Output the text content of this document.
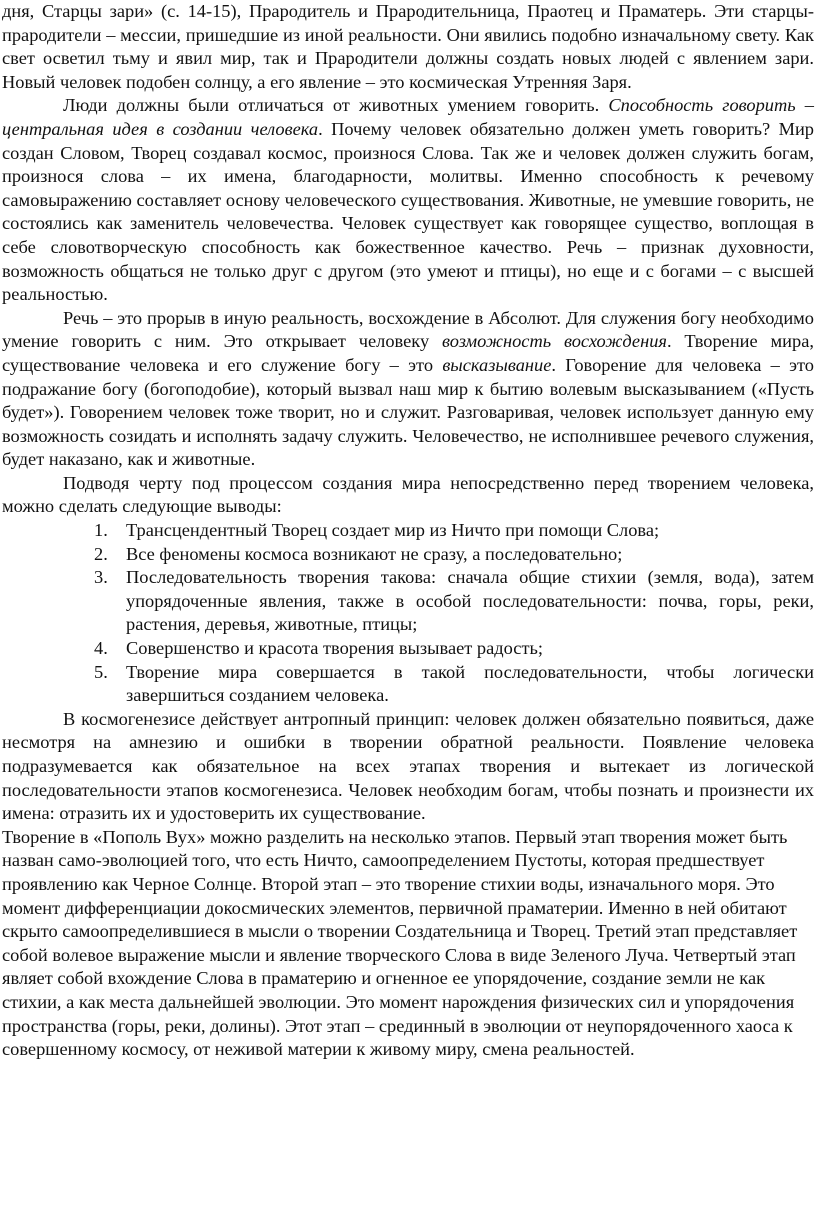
дня, Старцы зари» (с. 14-15), Прародитель и Прародительница, Праотец и Праматерь. Эти старцы-прародители – мессии, пришедшие из иной реальности. Они явились подобно изначальному свету. Как свет осветил тьму и явил мир, так и Прародители должны создать новых людей с явлением зари. Новый человек подобен солнцу, а его явление – это космическая Утренняя Заря.

Люди должны были отличаться от животных умением говорить. Способность говорить – центральная идея в создании человека. Почему человек обязательно должен уметь говорить? Мир создан Словом, Творец создавал космос, произнося Слова. Так же и человек должен служить богам, произнося слова – их имена, благодарности, молитвы. Именно способность к речевому самовыражению составляет основу человеческого существования. Животные, не умевшие говорить, не состоялись как заменитель человечества. Человек существует как говорящее существо, воплощая в себе словотворческую способность как божественное качество. Речь – признак духовности, возможность общаться не только друг с другом (это умеют и птицы), но еще и с богами – с высшей реальностью.

Речь – это прорыв в иную реальность, восхождение в Абсолют. Для служения богу необходимо умение говорить с ним. Это открывает человеку возможность восхождения. Творение мира, существование человека и его служение богу – это высказывание. Говорение для человека – это подражание богу (богоподобие), который вызвал наш мир к бытию волевым высказыванием («Пусть будет»). Говорением человек тоже творит, но и служит. Разговаривая, человек использует данную ему возможность созидать и исполнять задачу служить. Человечество, не исполнившее речевого служения, будет наказано, как и животные.

Подводя черту под процессом создания мира непосредственно перед творением человека, можно сделать следующие выводы:

1. Трансцендентный Творец создает мир из Ничто при помощи Слова;
2. Все феномены космоса возникают не сразу, а последовательно;
3. Последовательность творения такова: сначала общие стихии (земля, вода), затем упорядоченные явления, также в особой последовательности: почва, горы, реки, растения, деревья, животные, птицы;
4. Совершенство и красота творения вызывает радость;
5. Творение мира совершается в такой последовательности, чтобы логически завершиться созданием человека.

В космогенезисе действует антропный принцип: человек должен обязательно появиться, даже несмотря на амнезию и ошибки в творении обратной реальности. Появление человека подразумевается как обязательное на всех этапах творения и вытекает из логической последовательности этапов космогенезиса. Человек необходим богам, чтобы познать и произнести их имена: отразить их и удостоверить их существование.

Творение в «Пополь Вух» можно разделить на несколько этапов. Первый этап творения может быть назван само-эволюцией того, что есть Ничто, самоопределением Пустоты, которая предшествует проявлению как Черное Солнце. Второй этап – это творение стихии воды, изначального моря. Это момент дифференциации докосмических элементов, первичной праматерии. Именно в ней обитают скрыто самоопределившиеся в мысли о творении Создательница и Творец. Третий этап представляет собой волевое выражение мысли и явление творческого Слова в виде Зеленого Луча. Четвертый этап являет собой вхождение Слова в праматерию и огненное ее упорядочение, создание земли не как стихии, а как места дальнейшей эволюции. Это момент нарождения физических сил и упорядочения пространства (горы, реки, долины). Этот этап – срединный в эволюции от неупорядоченного хаоса к совершенному космосу, от неживой материи к живому миру, смена реальностей.
